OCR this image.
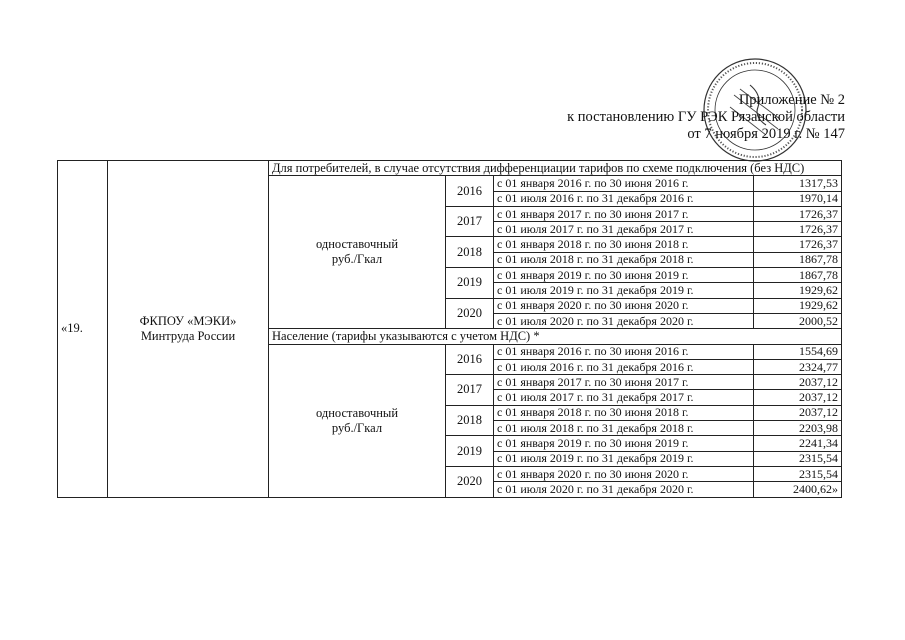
Приложение № 2
к постановлению ГУ РЭК Рязанской области
от 7 ноября 2019 г. № 147
«19.	ФКПОУ «МЭКИ»
Минтруда России	Для потребителей, в случае отсутствия дифференциации тарифов по схеме подключения (без НДС)			

		одноставочный
руб./Гкал	2016	с 01 января 2016 г. по 30 июня 2016 г.	1317,53
				с 01 июля 2016 г. по 31 декабря 2016 г.	1970,14
			2017	с 01 января 2017 г. по 30 июня 2017 г.	1726,37
				с 01 июля 2017 г. по 31 декабря 2017 г.	1726,37
			2018	с 01 января 2018 г. по 30 июня 2018 г.	1726,37
				с 01 июля 2018 г. по 31 декабря 2018 г.	1867,78
			2019	с 01 января 2019 г. по 30 июня 2019 г.	1867,78
				с 01 июля 2019 г. по 31 декабря 2019 г.	1929,62
			2020	с 01 января 2020 г. по 30 июня 2020 г.	1929,62
				с 01 июля 2020 г. по 31 декабря 2020 г.	2000,52
		Население (тарифы указываются с учетом НДС) *			

		одноставочный
руб./Гкал	2016	с 01 января 2016 г. по 30 июня 2016 г.	1554,69
				с 01 июля 2016 г. по 31 декабря 2016 г.	2324,77
			2017	с 01 января 2017 г. по 30 июня 2017 г.	2037,12
				с 01 июля 2017 г. по 31 декабря 2017 г.	2037,12
			2018	с 01 января 2018 г. по 30 июня 2018 г.	2037,12
				с 01 июля 2018 г. по 31 декабря 2018 г.	2203,98
			2019	с 01 января 2019 г. по 30 июня 2019 г.	2241,34
				с 01 июля 2019 г. по 31 декабря 2019 г.	2315,54
			2020	с 01 января 2020 г. по 30 июня 2020 г.	2315,54
				с 01 июля 2020 г. по 31 декабря 2020 г.	2400,62»
